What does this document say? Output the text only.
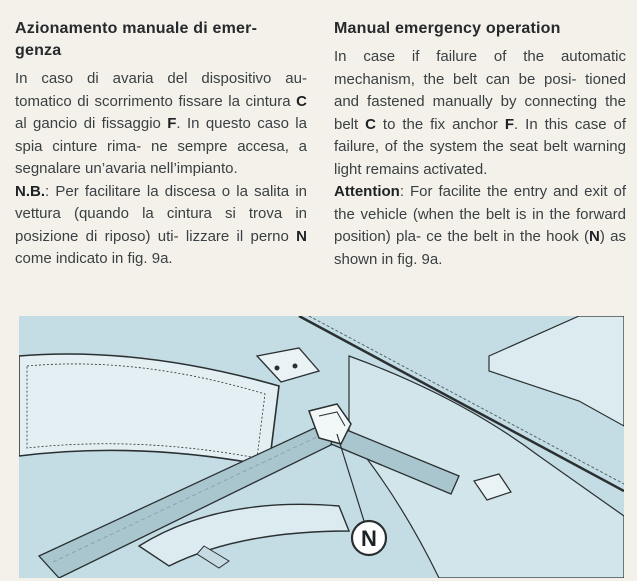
Azionamento manuale di emer-
genza

In caso di avaria del dispositivo au- tomatico di scorrimento fissare la cintura C al gancio di fissaggio F. In questo caso la spia cinture rima- ne sempre accesa, a segnalare un’avaria nell’impianto.

N.B.: Per facilitare la discesa o la salita in vettura (quando la cintura si trova in posizione di riposo) uti- lizzare il perno N come indicato in fig. 9a.

Manual emergency operation

In case if failure of the automatic mechanism, the belt can be posi- tioned and fastened manually by connecting the belt C to the fix anchor F. In this case of failure, of the system the seat belt warning light remains activated.

Attention: For facilite the entry and exit of the vehicle (when the belt is in the forward position) pla- ce the belt in the hook (N) as shown in fig. 9a.

N
